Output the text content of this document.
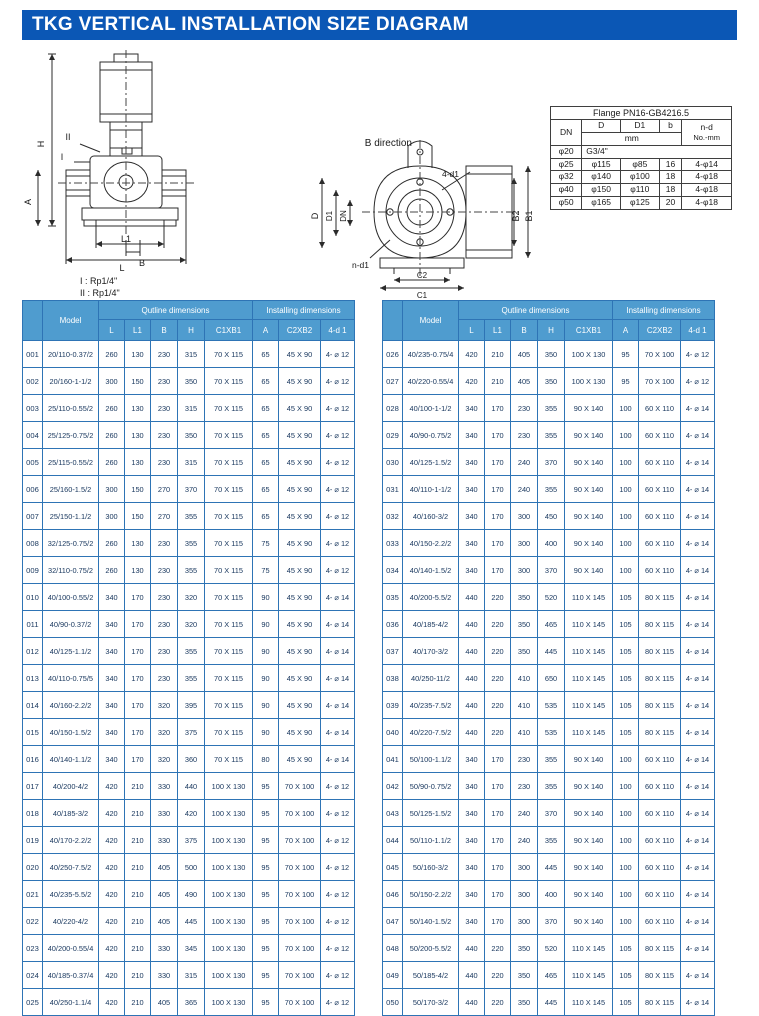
TKG VERTICAL INSTALLATION SIZE DIAGRAM
H
A
L1
L B
II
I
I : Rp1/4"
II : Rp1/4"
B direction
4-d1
n-d1
D D1 DN	B1
B2
C2
C1
Flange PN16-GB4216.5				
DN	D	D1	b	n-d
No.-mm
	mm			
φ20	G3/4"			
φ25	φ115	φ85	16	4-φ14
φ32	φ140	φ100	18	4-φ18
φ40	φ150	φ110	18	4-φ18
φ50	φ165	φ125	20	4-φ18
	Model	Qutline dimensions					Installing dimensions		
		L	L1	B	H	C1XB1	A	C2XB2	4-d 1
001	20/110-0.37/2	260	130	230	315	70 X 115	65	45 X 90	4- ⌀ 12
002	20/160-1-1/2	300	150	230	350	70 X 115	65	45 X 90	4- ⌀ 12
003	25/110-0.55/2	260	130	230	315	70 X 115	65	45 X 90	4- ⌀ 12
004	25/125-0.75/2	260	130	230	350	70 X 115	65	45 X 90	4- ⌀ 12
005	25/115-0.55/2	260	130	230	315	70 X 115	65	45 X 90	4- ⌀ 12
006	25/160-1.5/2	300	150	270	370	70 X 115	65	45 X 90	4- ⌀ 12
007	25/150-1.1/2	300	150	270	355	70 X 115	65	45 X 90	4- ⌀ 12
008	32/125-0.75/2	260	130	230	355	70 X 115	75	45 X 90	4- ⌀ 12
009	32/110-0.75/2	260	130	230	355	70 X 115	75	45 X 90	4- ⌀ 12
010	40/100-0.55/2	340	170	230	320	70 X 115	90	45 X 90	4- ⌀ 14
011	40/90-0.37/2	340	170	230	320	70 X 115	90	45 X 90	4- ⌀ 14
012	40/125-1.1/2	340	170	230	355	70 X 115	90	45 X 90	4- ⌀ 14
013	40/110-0.75/5	340	170	230	355	70 X 115	90	45 X 90	4- ⌀ 14
014	40/160-2.2/2	340	170	320	395	70 X 115	90	45 X 90	4- ⌀ 14
015	40/150-1.5/2	340	170	320	375	70 X 115	90	45 X 90	4- ⌀ 14
016	40/140-1.1/2	340	170	320	360	70 X 115	80	45 X 90	4- ⌀ 14
017	40/200-4/2	420	210	330	440	100 X 130	95	70 X 100	4- ⌀ 12
018	40/185-3/2	420	210	330	420	100 X 130	95	70 X 100	4- ⌀ 12
019	40/170-2.2/2	420	210	330	375	100 X 130	95	70 X 100	4- ⌀ 12
020	40/250-7.5/2	420	210	405	500	100 X 130	95	70 X 100	4- ⌀ 12
021	40/235-5.5/2	420	210	405	490	100 X 130	95	70 X 100	4- ⌀ 12
022	40/220-4/2	420	210	405	445	100 X 130	95	70 X 100	4- ⌀ 12
023	40/200-0.55/4	420	210	330	345	100 X 130	95	70 X 100	4- ⌀ 12
024	40/185-0.37/4	420	210	330	315	100 X 130	95	70 X 100	4- ⌀ 12
025	40/250-1.1/4	420	210	405	365	100 X 130	95	70 X 100	4- ⌀ 12
	Model	Qutline dimensions					Installing dimensions		
		L	L1	B	H	C1XB1	A	C2XB2	4-d 1
026	40/235-0.75/4	420	210	405	350	100 X 130	95	70 X 100	4- ⌀ 12
027	40/220-0.55/4	420	210	405	350	100 X 130	95	70 X 100	4- ⌀ 12
028	40/100-1-1/2	340	170	230	355	90 X 140	100	60 X 110	4- ⌀ 14
029	40/90-0.75/2	340	170	230	355	90 X 140	100	60 X 110	4- ⌀ 14
030	40/125-1.5/2	340	170	240	370	90 X 140	100	60 X 110	4- ⌀ 14
031	40/110-1-1/2	340	170	240	355	90 X 140	100	60 X 110	4- ⌀ 14
032	40/160-3/2	340	170	300	450	90 X 140	100	60 X 110	4- ⌀ 14
033	40/150-2.2/2	340	170	300	400	90 X 140	100	60 X 110	4- ⌀ 14
034	40/140-1.5/2	340	170	300	370	90 X 140	100	60 X 110	4- ⌀ 14
035	40/200-5.5/2	440	220	350	520	110 X 145	105	80 X 115	4- ⌀ 14
036	40/185-4/2	440	220	350	465	110 X 145	105	80 X 115	4- ⌀ 14
037	40/170-3/2	440	220	350	445	110 X 145	105	80 X 115	4- ⌀ 14
038	40/250-11/2	440	220	410	650	110 X 145	105	80 X 115	4- ⌀ 14
039	40/235-7.5/2	440	220	410	535	110 X 145	105	80 X 115	4- ⌀ 14
040	40/220-7.5/2	440	220	410	535	110 X 145	105	80 X 115	4- ⌀ 14
041	50/100-1.1/2	340	170	230	355	90 X 140	100	60 X 110	4- ⌀ 14
042	50/90-0.75/2	340	170	230	355	90 X 140	100	60 X 110	4- ⌀ 14
043	50/125-1.5/2	340	170	240	370	90 X 140	100	60 X 110	4- ⌀ 14
044	50/110-1.1/2	340	170	240	355	90 X 140	100	60 X 110	4- ⌀ 14
045	50/160-3/2	340	170	300	445	90 X 140	100	60 X 110	4- ⌀ 14
046	50/150-2.2/2	340	170	300	400	90 X 140	100	60 X 110	4- ⌀ 14
047	50/140-1.5/2	340	170	300	370	90 X 140	100	60 X 110	4- ⌀ 14
048	50/200-5.5/2	440	220	350	520	110 X 145	105	80 X 115	4- ⌀ 14
049	50/185-4/2	440	220	350	465	110 X 145	105	80 X 115	4- ⌀ 14
050	50/170-3/2	440	220	350	445	110 X 145	105	80 X 115	4- ⌀ 14
